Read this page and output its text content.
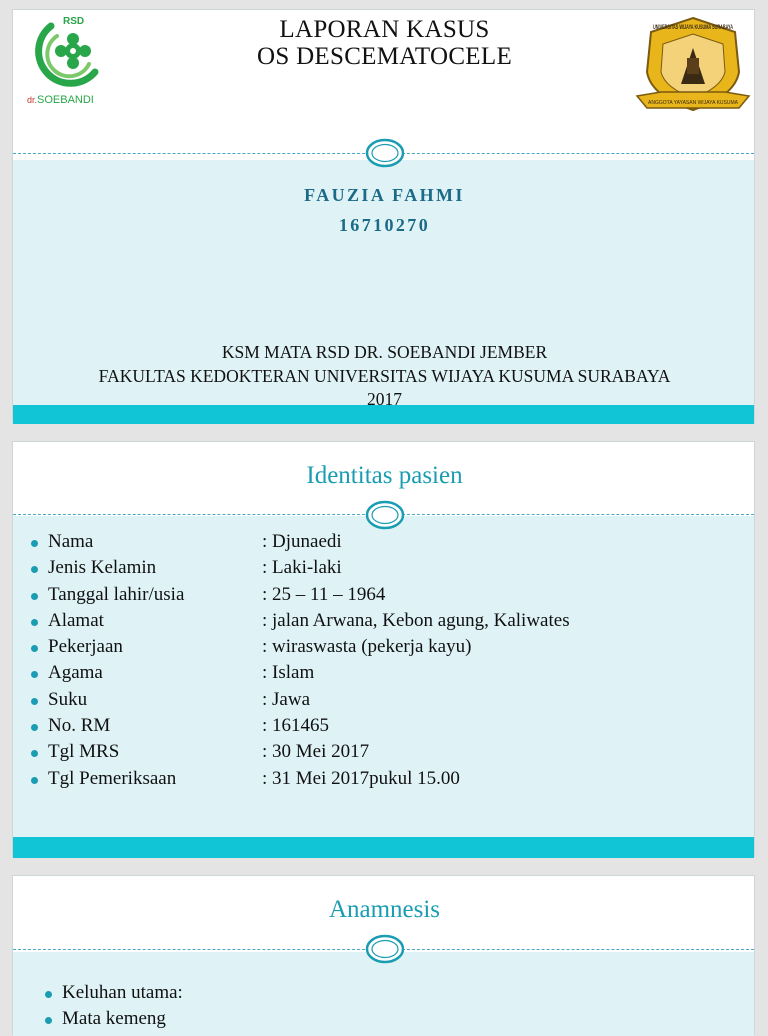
RSD
dr.SOEBANDI
LAPORAN KASUS
OS DESCEMATOCELE
ANGGOTA YAYASAN WIJAYA KUSUMA
UNIVERSITAS WIJAYA KUSUMA SURABAYA
FAUZIA FAHMI
16710270
KSM MATA RSD DR. SOEBANDI JEMBER
FAKULTAS KEDOKTERAN UNIVERSITAS WIJAYA KUSUMA SURABAYA
2017
Identitas pasien
Nama	: Djunaedi
Jenis Kelamin	: Laki-laki
Tanggal lahir/usia	: 25 – 11 – 1964
Alamat	: jalan Arwana, Kebon agung, Kaliwates
Pekerjaan	: wiraswasta (pekerja kayu)
Agama	: Islam
Suku	: Jawa
No. RM	: 161465
Tgl MRS	: 30 Mei 2017
Tgl Pemeriksaan	: 31 Mei 2017pukul 15.00
Anamnesis
Keluhan utama:
Mata kemeng
